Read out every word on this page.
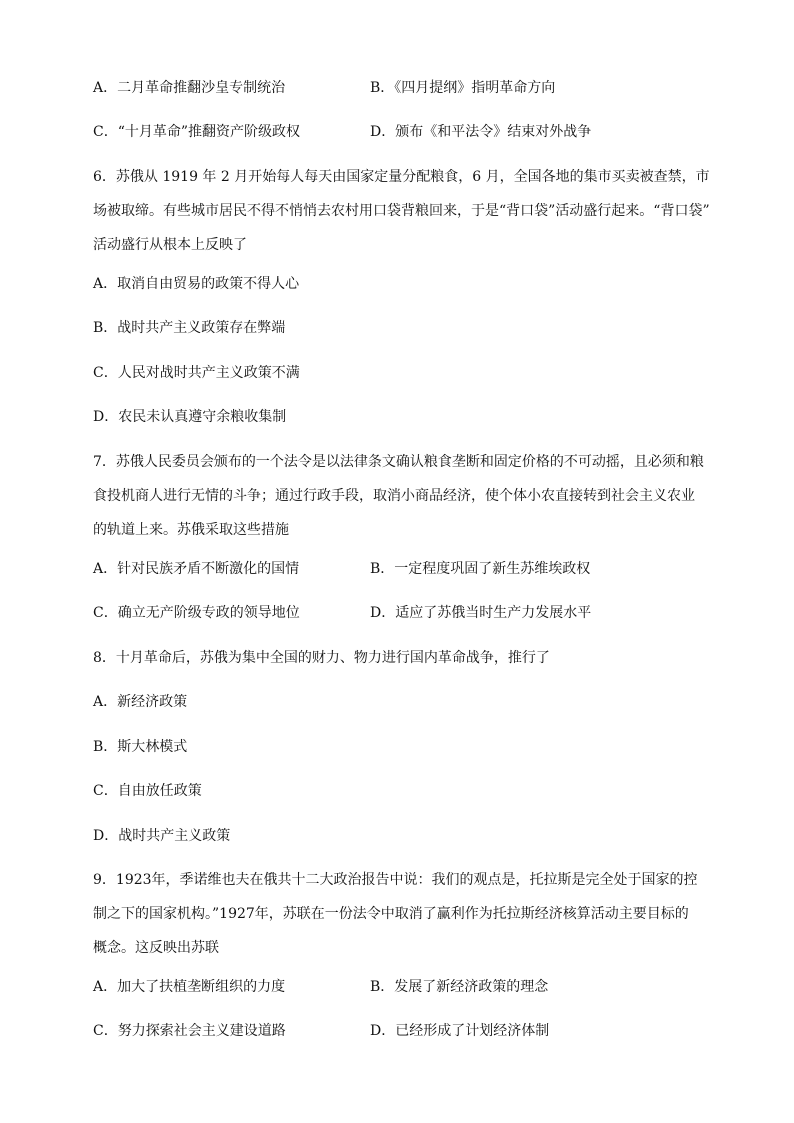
A．二月革命推翻沙皇专制统治	B．《四月提纲》指明革命方向
C．“十月革命”推翻资产阶级政权	D．颁布《和平法令》结束对外战争
6．苏俄从 1919 年 2 月开始每人每天由国家定量分配粮食，6 月，全国各地的集市买卖被查禁，市
场被取缔。有些城市居民不得不悄悄去农村用口袋背粮回来，于是“背口袋”活动盛行起来。“背口袋”
活动盛行从根本上反映了
A．取消自由贸易的政策不得人心
B．战时共产主义政策存在弊端
C．人民对战时共产主义政策不满
D．农民未认真遵守余粮收集制
7．苏俄人民委员会颁布的一个法令是以法律条文确认粮食垄断和固定价格的不可动摇，且必须和粮
食投机商人进行无情的斗争；通过行政手段，取消小商品经济，使个体小农直接转到社会主义农业
的轨道上来。苏俄采取这些措施
A．针对民族矛盾不断激化的国情	B．一定程度巩固了新生苏维埃政权
C．确立无产阶级专政的领导地位	D．适应了苏俄当时生产力发展水平
8．十月革命后，苏俄为集中全国的财力、物力进行国内革命战争，推行了
A．新经济政策
B．斯大林模式
C．自由放任政策
D．战时共产主义政策
9．1923年，季诺维也夫在俄共十二大政治报告中说：我们的观点是，托拉斯是完全处于国家的控
制之下的国家机构。”1927年，苏联在一份法令中取消了赢利作为托拉斯经济核算活动主要目标的
概念。这反映出苏联
A．加大了扶植垄断组织的力度	B．发展了新经济政策的理念
C．努力探索社会主义建设道路	D．已经形成了计划经济体制
